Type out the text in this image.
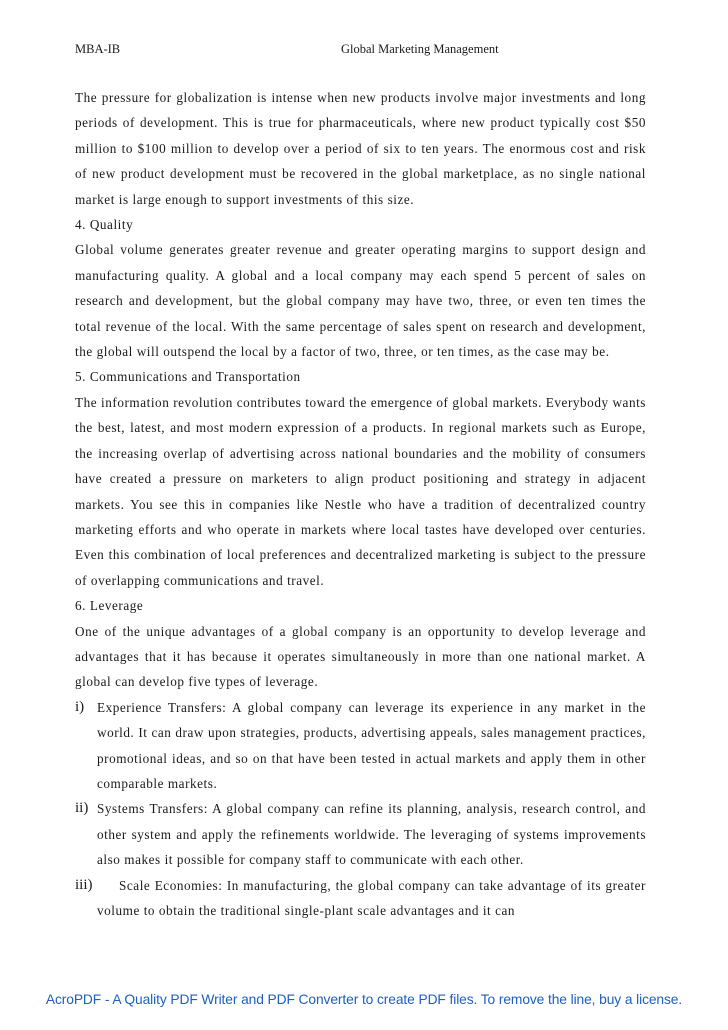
MBA-IB	Global Marketing Management

The pressure for globalization is intense when new products involve major investments and long periods of development. This is true for pharmaceuticals, where new product typically cost $50 million to $100 million to develop over a period of six to ten years. The enormous cost and risk of new product development must be recovered in the global marketplace, as no single national market is large enough to support investments of this size.

4. Quality

Global volume generates greater revenue and greater operating margins to support design and manufacturing quality. A global and a local company may each spend 5 percent of sales on research and development, but the global company may have two, three, or even ten times the total revenue of the local. With the same percentage of sales spent on research and development, the global will outspend the local by a factor of two, three, or ten times, as the case may be.

5. Communications and Transportation

The information revolution contributes toward the emergence of global markets. Everybody wants the best, latest, and most modern expression of a products. In regional markets such as Europe, the increasing overlap of advertising across national boundaries and the mobility of consumers have created a pressure on marketers to align product positioning and strategy in adjacent markets. You see this in companies like Nestle who have a tradition of decentralized country marketing efforts and who operate in markets where local tastes have developed over centuries. Even this combination of local preferences and decentralized marketing is subject to the pressure of overlapping communications and travel.

6. Leverage

One of the unique advantages of a global company is an opportunity to develop leverage and advantages that it has because it operates simultaneously in more than one national market. A global can develop five types of leverage.

i) Experience Transfers: A global company can leverage its experience in any market in the world. It can draw upon strategies, products, advertising appeals, sales management practices, promotional ideas, and so on that have been tested in actual markets and apply them in other comparable markets.
ii) Systems Transfers: A global company can refine its planning, analysis, research control, and other system and apply the refinements worldwide. The leveraging of systems improvements also makes it possible for company staff to communicate with each other.
iii)	Scale Economies: In manufacturing, the global company can take advantage of its greater volume to obtain the traditional single-plant scale advantages and it can
AcroPDF - A Quality PDF Writer and PDF Converter to create PDF files. To remove the line, buy a license.
